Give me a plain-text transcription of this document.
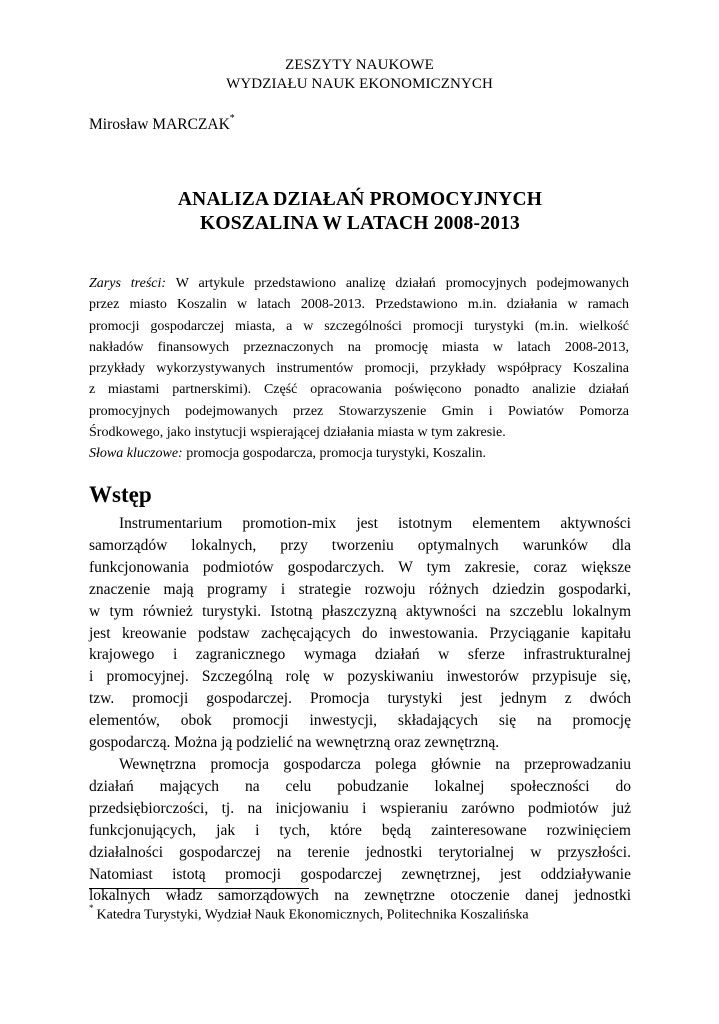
ZESZYTY NAUKOWE
WYDZIAŁU NAUK EKONOMICZNYCH
Mirosław MARCZAK*
ANALIZA DZIAŁAŃ PROMOCYJNYCH
KOSZALINA W LATACH 2008-2013
Zarys treści: W artykule przedstawiono analizę działań promocyjnych podejmowanych
przez miasto Koszalin w latach 2008-2013. Przedstawiono m.in. działania w ramach
promocji gospodarczej miasta, a w szczególności promocji turystyki (m.in. wielkość
nakładów finansowych przeznaczonych na promocję miasta w latach 2008-2013,
przykłady wykorzystywanych instrumentów promocji, przykłady współpracy Koszalina
z miastami partnerskimi). Część opracowania poświęcono ponadto analizie działań
promocyjnych podejmowanych przez Stowarzyszenie Gmin i Powiatów Pomorza
Środkowego, jako instytucji wspierającej działania miasta w tym zakresie.
Słowa kluczowe: promocja gospodarcza, promocja turystyki, Koszalin.
Wstęp
Instrumentarium promotion-mix jest istotnym elementem aktywności
samorządów lokalnych, przy tworzeniu optymalnych warunków dla
funkcjonowania podmiotów gospodarczych. W tym zakresie, coraz większe
znaczenie mają programy i strategie rozwoju różnych dziedzin gospodarki,
w tym również turystyki. Istotną płaszczyzną aktywności na szczeblu lokalnym
jest kreowanie podstaw zachęcających do inwestowania. Przyciąganie kapitału
krajowego i zagranicznego wymaga działań w sferze infrastrukturalnej
i promocyjnej. Szczególną rolę w pozyskiwaniu inwestorów przypisuje się,
tzw. promocji gospodarczej. Promocja turystyki jest jednym z dwóch
elementów, obok promocji inwestycji, składających się na promocję
gospodarczą. Można ją podzielić na wewnętrzną oraz zewnętrzną.
Wewnętrzna promocja gospodarcza polega głównie na przeprowadzaniu
działań mających na celu pobudzanie lokalnej społeczności do
przedsiębiorczości, tj. na inicjowaniu i wspieraniu zarówno podmiotów już
funkcjonujących, jak i tych, które będą zainteresowane rozwinięciem
działalności gospodarczej na terenie jednostki terytorialnej w przyszłości.
Natomiast istotą promocji gospodarczej zewnętrznej, jest oddziaływanie
lokalnych władz samorządowych na zewnętrzne otoczenie danej jednostki
* Katedra Turystyki, Wydział Nauk Ekonomicznych, Politechnika Koszalińska
